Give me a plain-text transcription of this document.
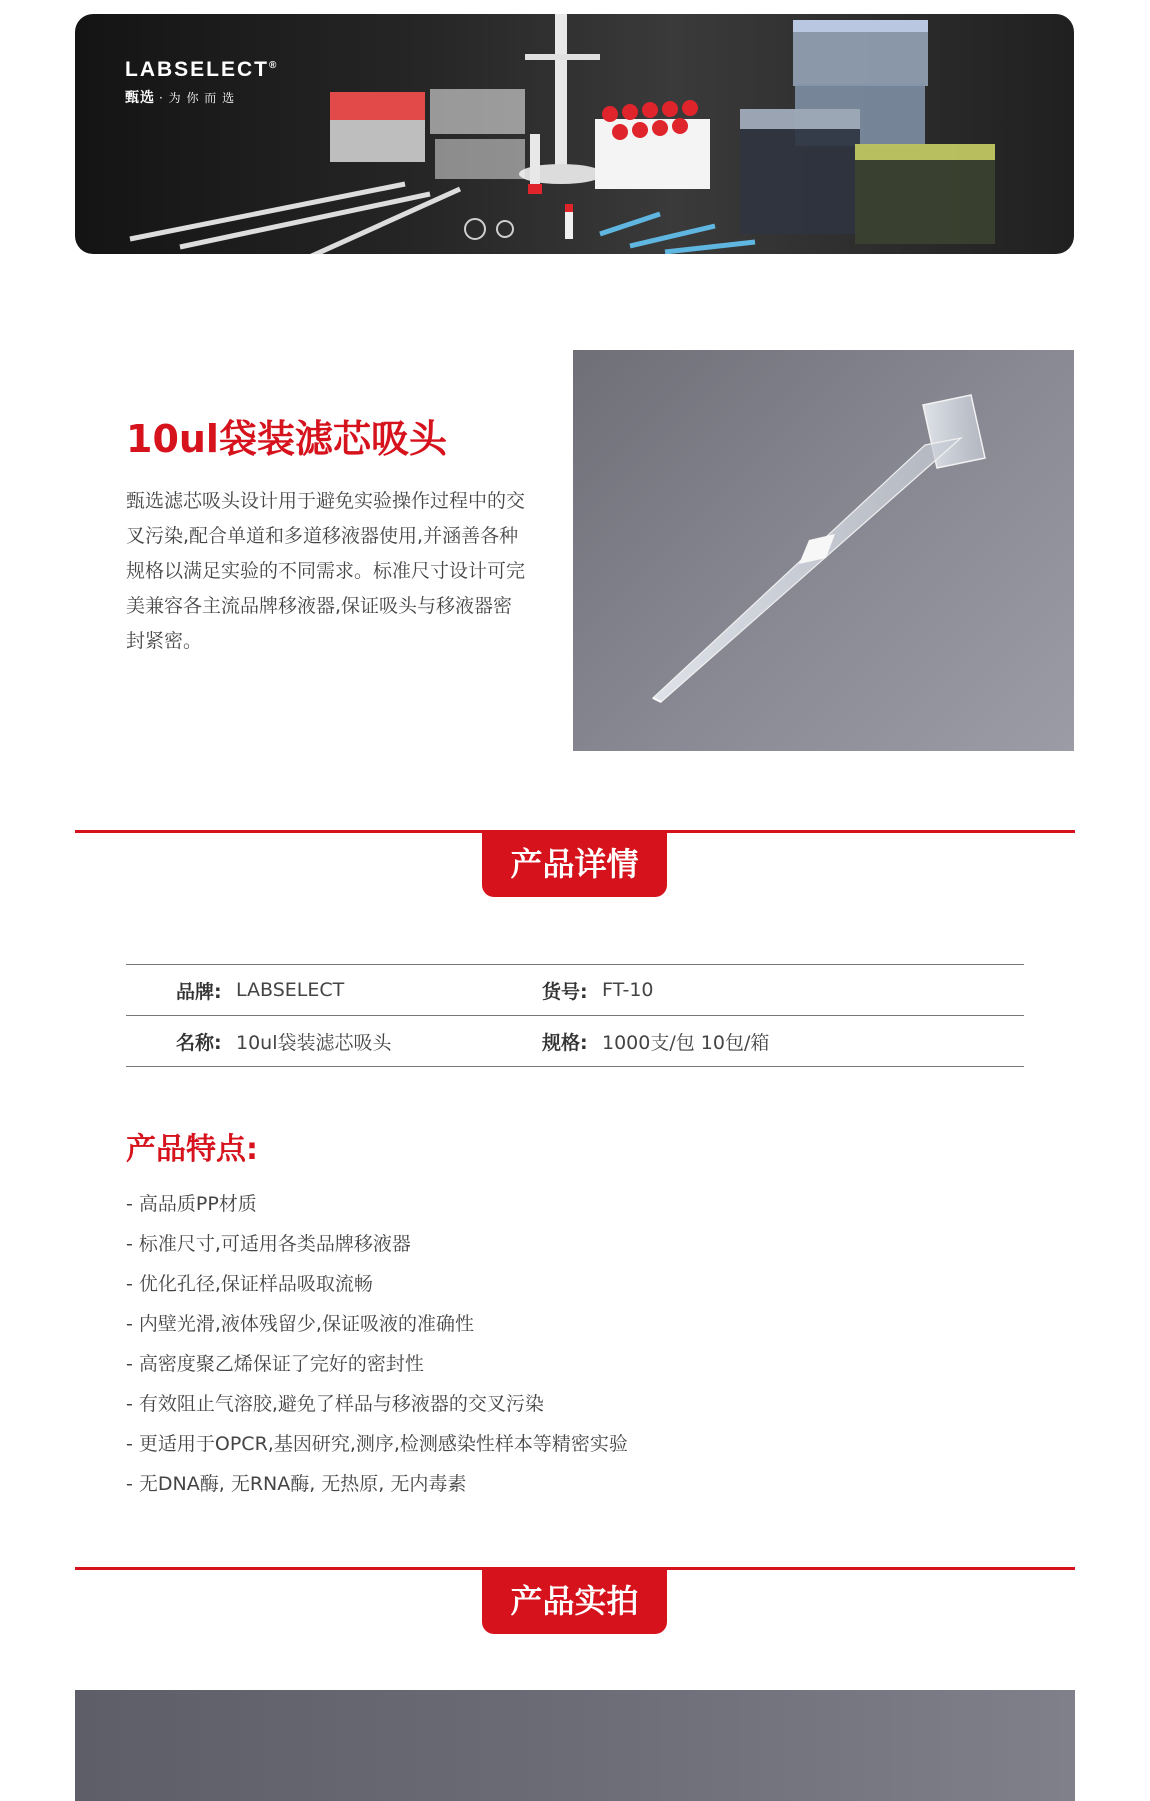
LABSELECT®
甄选 · 为 你 而 选
10ul袋装滤芯吸头

甄选滤芯吸头设计用于避免实验操作过程中的交叉污染,配合单道和多道移液器使用,并涵善各种规格以满足实验的不同需求。标准尺寸设计可完美兼容各主流品牌移液器,保证吸头与移液器密封紧密。

产品详情
品牌:	LABSELECT	货号:	FT-10
名称:	10ul袋装滤芯吸头	规格:	1000支/包 10包/箱
产品特点:
- 高品质PP材质
- 标准尺寸,可适用各类品牌移液器
- 优化孔径,保证样品吸取流畅
- 内壁光滑,液体残留少,保证吸液的准确性
- 高密度聚乙烯保证了完好的密封性
- 有效阻止气溶胶,避免了样品与移液器的交叉污染
- 更适用于OPCR,基因研究,测序,检测感染性样本等精密实验
- 无DNA酶, 无RNA酶, 无热原, 无内毒素
产品实拍
